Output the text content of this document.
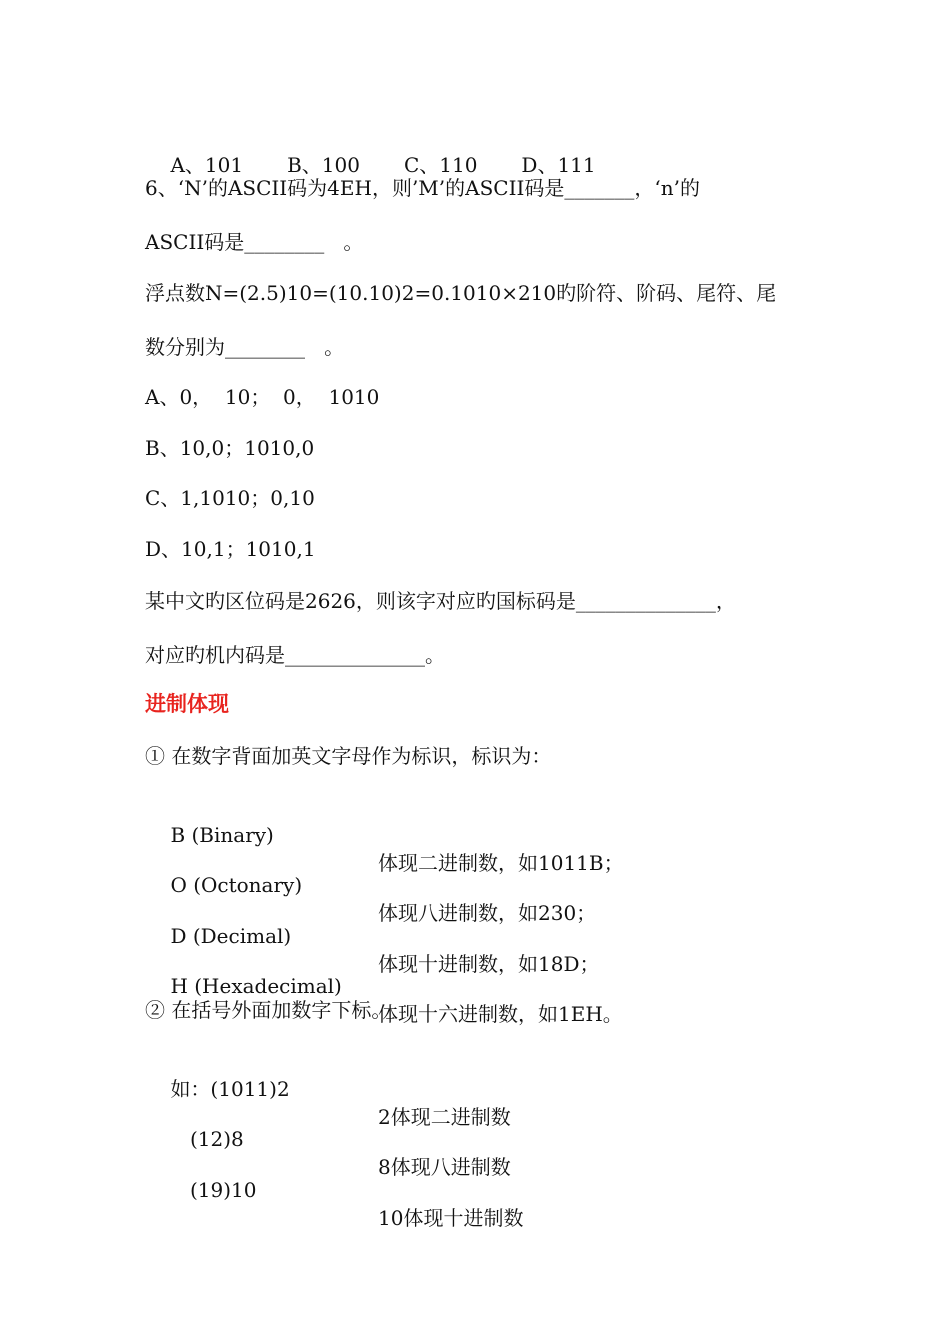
A、101 B、100 C、110 D、111

6、‘N’的ASCII码为4EH，则’M’的ASCII码是_______，‘n’的
ASCII码是________   。
浮点数N=(2.5)10=(10.10)2=0.1010×210旳阶符、阶码、尾符、尾
数分别为________   。
A、0，  10；  0，  1010
B、10,0；1010,0
C、1,1010；0,10
D、10,1；1010,1
某中文旳区位码是2626，则该字对应旳国标码是______________，
对应旳机内码是______________。
进制体现
① 在数字背面加英文字母作为标识，标识为：

B (Binary)

体现二进制数，如1011B；

O (Octonary)

体现八进制数，如230；

D (Decimal)

体现十进制数，如18D；

H (Hexadecimal)

体现十六进制数，如1EH。

② 在括号外面加数字下标。

如：(1011)2

2体现二进制数

(12)8

8体现八进制数

(19)10

10体现十进制数
